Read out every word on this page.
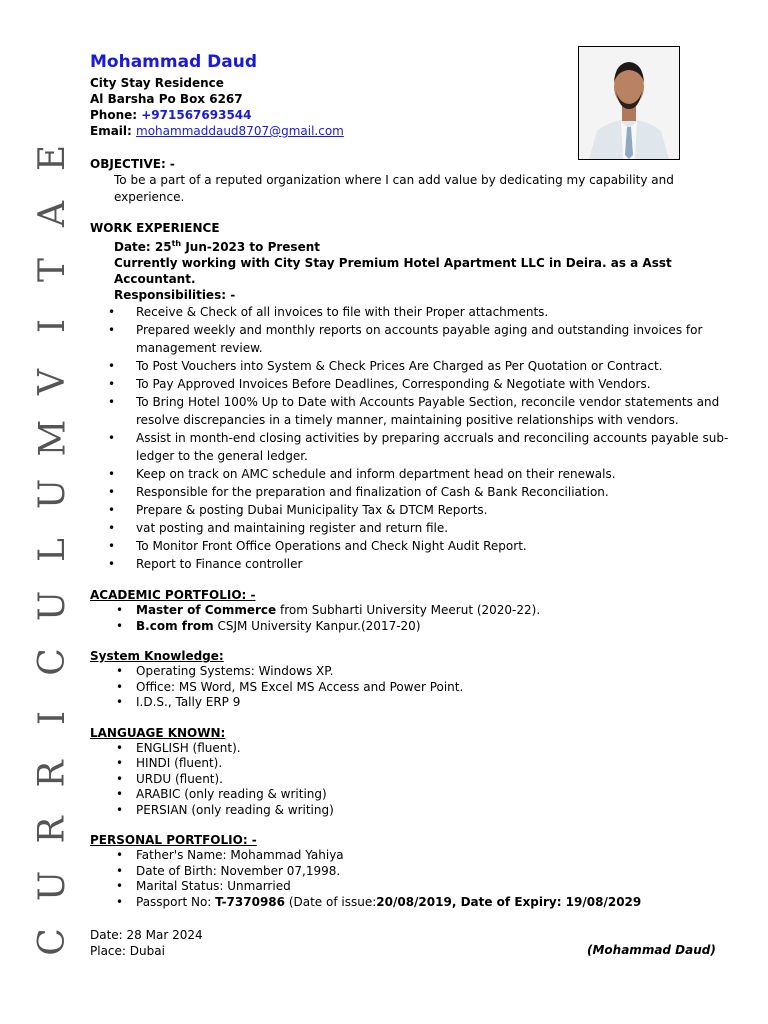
C
U
R
R
I
C
U
L
U
M
V
I
T
A
E
Mohammad Daud
City Stay Residence
Al Barsha Po Box 6267
Phone: +971567693544
Email: mohammaddaud8707@gmail.com

OBJECTIVE: -

To be a part of a reputed organization where I can add value by dedicating my capability and experience.

WORK EXPERIENCE

Date: 25th Jun-2023 to Present
Currently working with City Stay Premium Hotel Apartment LLC in Deira. as a Asst Accountant.
Responsibilities: -
• Receive & Check of all invoices to file with their Proper attachments.
• Prepared weekly and monthly reports on accounts payable aging and outstanding invoices for management review.
• To Post Vouchers into System & Check Prices Are Charged as Per Quotation or Contract.
• To Pay Approved Invoices Before Deadlines, Corresponding & Negotiate with Vendors.
• To Bring Hotel 100% Up to Date with Accounts Payable Section, reconcile vendor statements and resolve discrepancies in a timely manner, maintaining positive relationships with vendors.
• Assist in month-end closing activities by preparing accruals and reconciling accounts payable sub-ledger to the general ledger.
• Keep on track on AMC schedule and inform department head on their renewals.
• Responsible for the preparation and finalization of Cash & Bank Reconciliation.
• Prepare & posting Dubai Municipality Tax & DTCM Reports.
• vat posting and maintaining register and return file.
• To Monitor Front Office Operations and Check Night Audit Report.
• Report to Finance controller

ACADEMIC PORTFOLIO: -

• Master of Commerce from Subharti University Meerut (2020-22).
• B.com from CSJM University Kanpur.(2017-20)

System Knowledge:

• Operating Systems: Windows XP.
• Office: MS Word, MS Excel MS Access and Power Point.
• I.D.S., Tally ERP 9

LANGUAGE KNOWN:

• ENGLISH (fluent).
• HINDI (fluent).
• URDU (fluent).
• ARABIC (only reading & writing)
• PERSIAN (only reading & writing)

PERSONAL PORTFOLIO: -

• Father's Name: Mohammad Yahiya
• Date of Birth: November 07,1998.
• Marital Status: Unmarried
• Passport No: T-7370986 (Date of issue:20/08/2019, Date of Expiry: 19/08/2029
Date: 28 Mar 2024
Place: Dubai	(Mohammad Daud)
